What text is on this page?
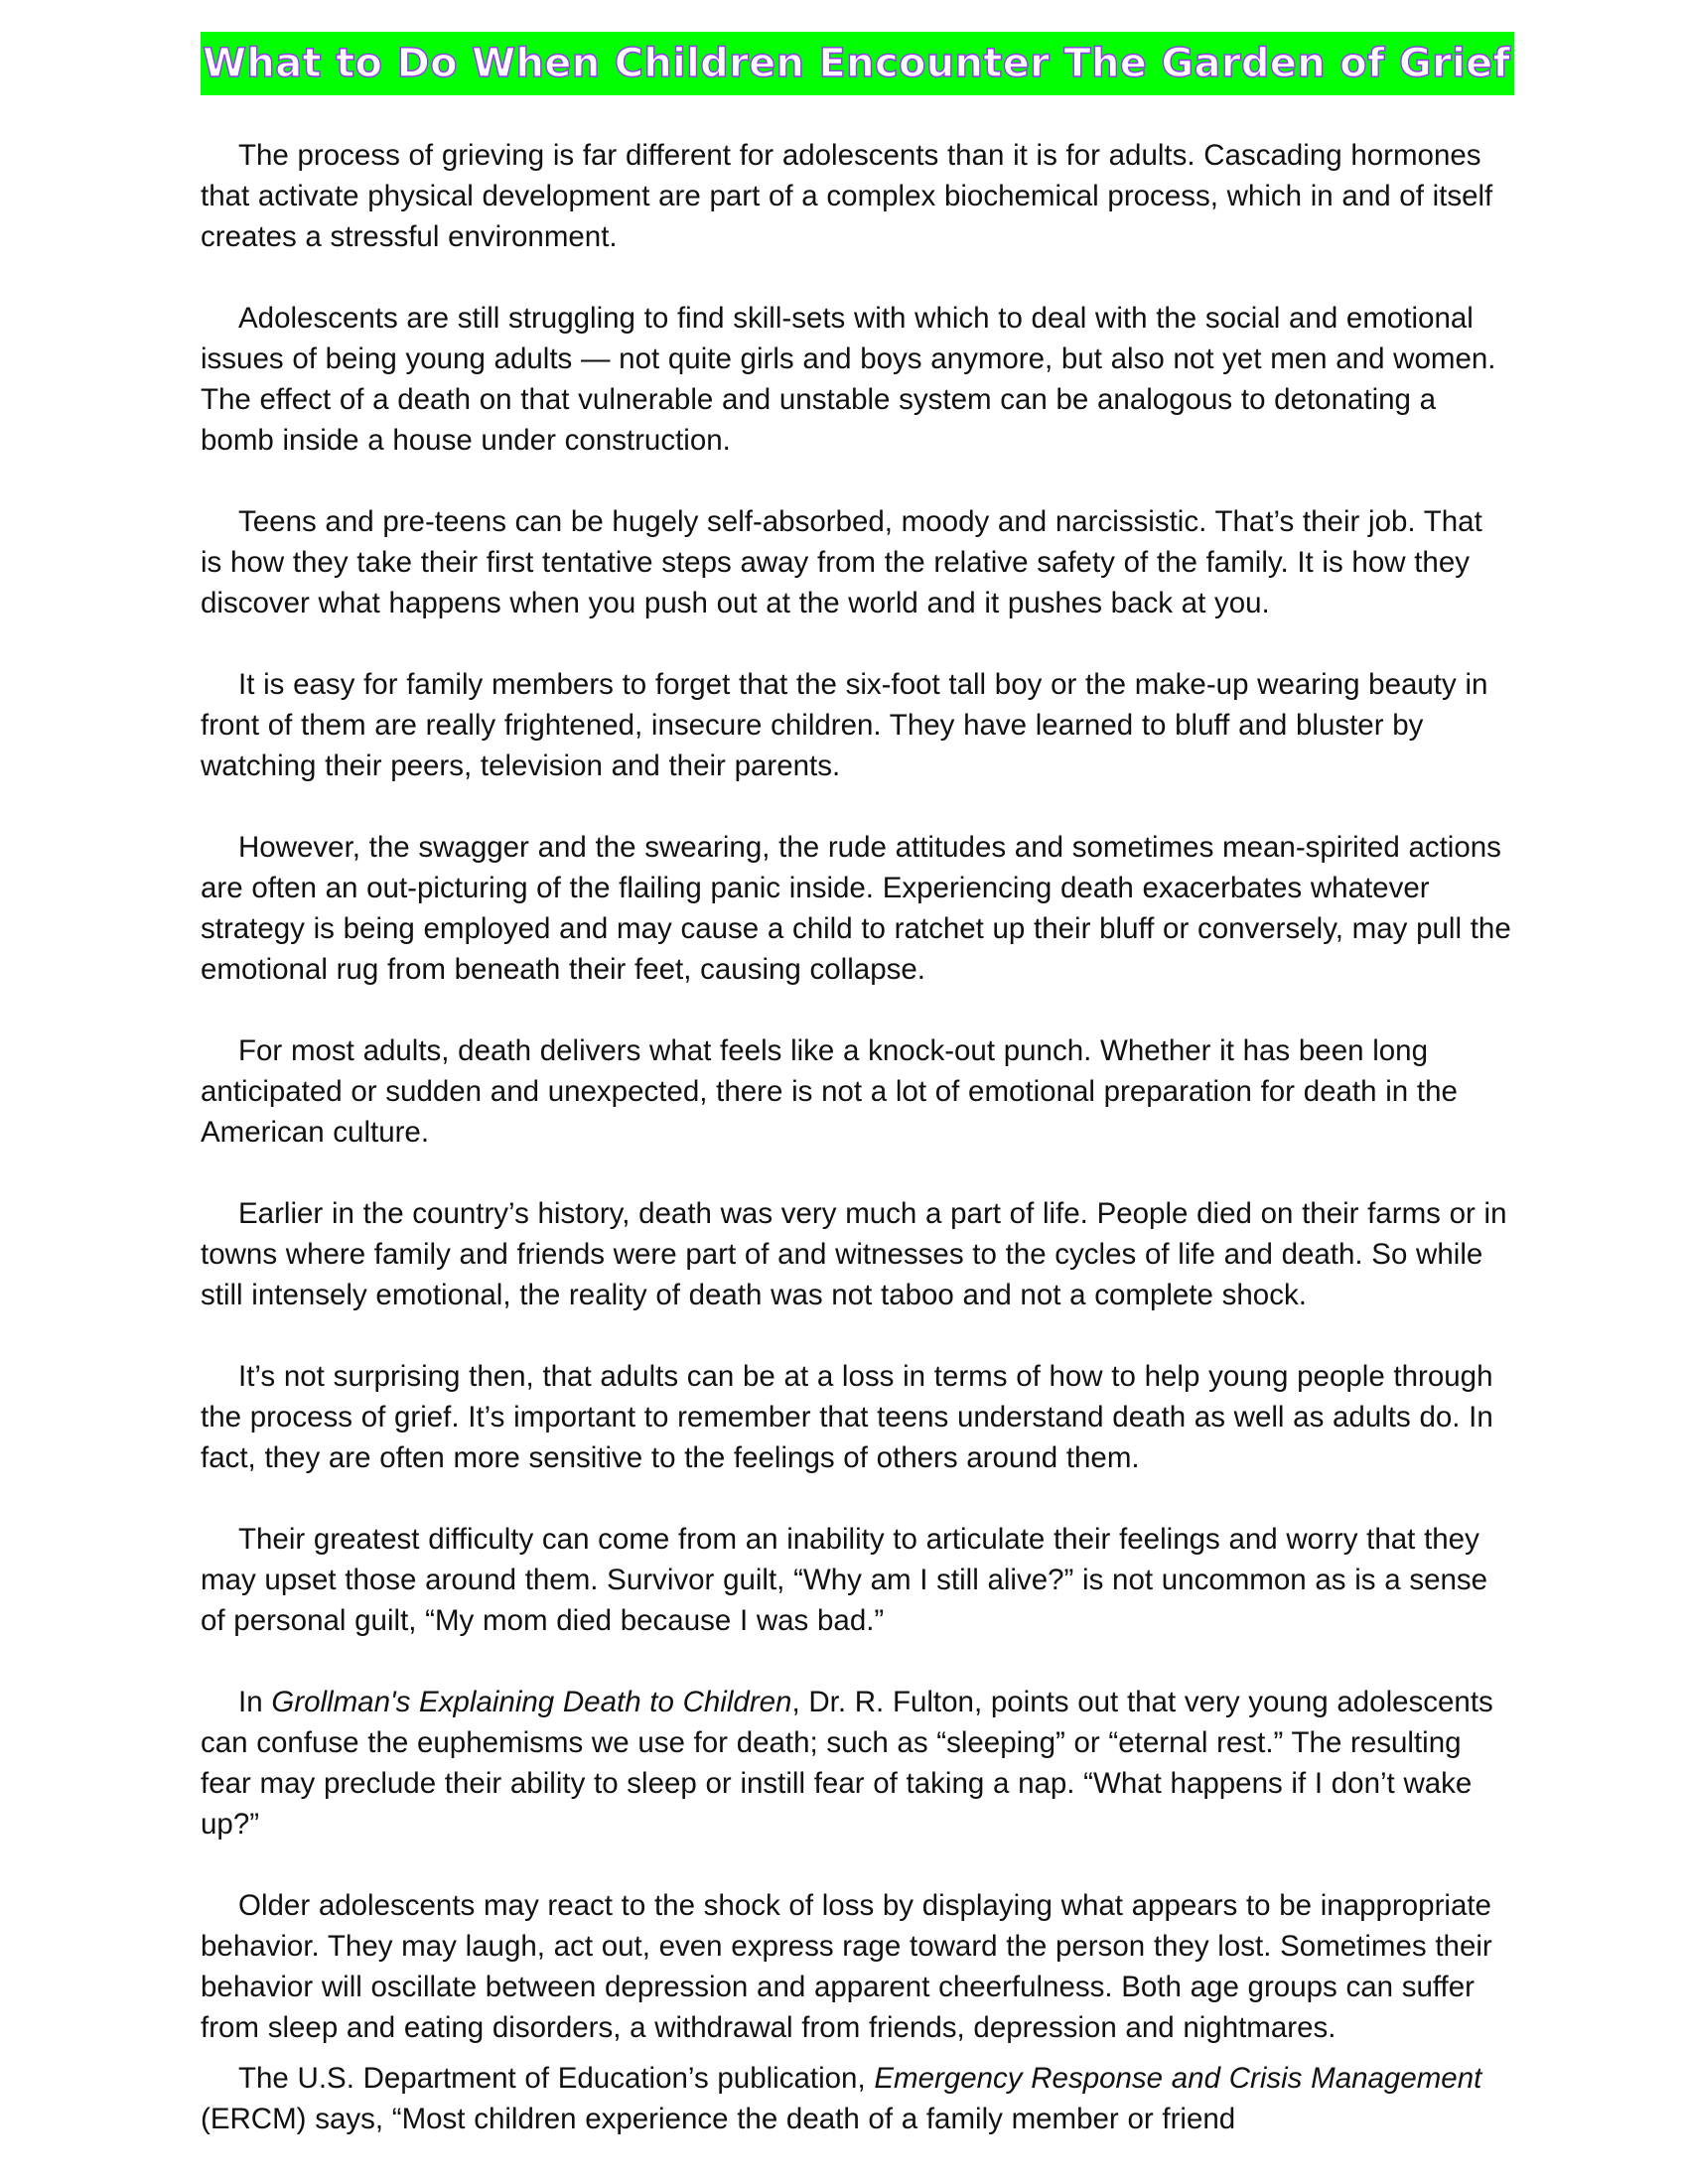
What to Do When Children Encounter The Garden of Grief

The process of grieving is far different for adolescents than it is for adults. Cascading hormones that activate physical development are part of a complex biochemical process, which in and of itself creates a stressful environment.

Adolescents are still struggling to find skill-sets with which to deal with the social and emotional issues of being young adults — not quite girls and boys anymore, but also not yet men and women. The effect of a death on that vulnerable and unstable system can be analogous to detonating a bomb inside a house under construction.

Teens and pre-teens can be hugely self-absorbed, moody and narcissistic. That’s their job. That is how they take their first tentative steps away from the relative safety of the family. It is how they discover what happens when you push out at the world and it pushes back at you.

It is easy for family members to forget that the six-foot tall boy or the make-up wearing beauty in front of them are really frightened, insecure children. They have learned to bluff and bluster by watching their peers, television and their parents.

However, the swagger and the swearing, the rude attitudes and sometimes mean-spirited actions are often an out-picturing of the flailing panic inside. Experiencing death exacerbates whatever strategy is being employed and may cause a child to ratchet up their bluff or conversely, may pull the emotional rug from beneath their feet, causing collapse.

For most adults, death delivers what feels like a knock-out punch. Whether it has been long anticipated or sudden and unexpected, there is not a lot of emotional preparation for death in the American culture.

Earlier in the country’s history, death was very much a part of life. People died on their farms or in towns where family and friends were part of and witnesses to the cycles of life and death. So while still intensely emotional, the reality of death was not taboo and not a complete shock.

It’s not surprising then, that adults can be at a loss in terms of how to help young people through the process of grief. It’s important to remember that teens understand death as well as adults do. In fact, they are often more sensitive to the feelings of others around them.

Their greatest difficulty can come from an inability to articulate their feelings and worry that they may upset those around them. Survivor guilt, “Why am I still alive?” is not uncommon as is a sense of personal guilt, “My mom died because I was bad.”

In Grollman's Explaining Death to Children, Dr. R. Fulton, points out that very young adolescents can confuse the euphemisms we use for death; such as “sleeping” or “eternal rest.” The resulting fear may preclude their ability to sleep or instill fear of taking a nap. “What happens if I don’t wake up?”

Older adolescents may react to the shock of loss by displaying what appears to be inappropriate behavior. They may laugh, act out, even express rage toward the person they lost. Sometimes their behavior will oscillate between depression and apparent cheerfulness. Both age groups can suffer from sleep and eating disorders, a withdrawal from friends, depression and nightmares.

The U.S. Department of Education’s publication, Emergency Response and Crisis Management (ERCM) says, “Most children experience the death of a family member or friend
